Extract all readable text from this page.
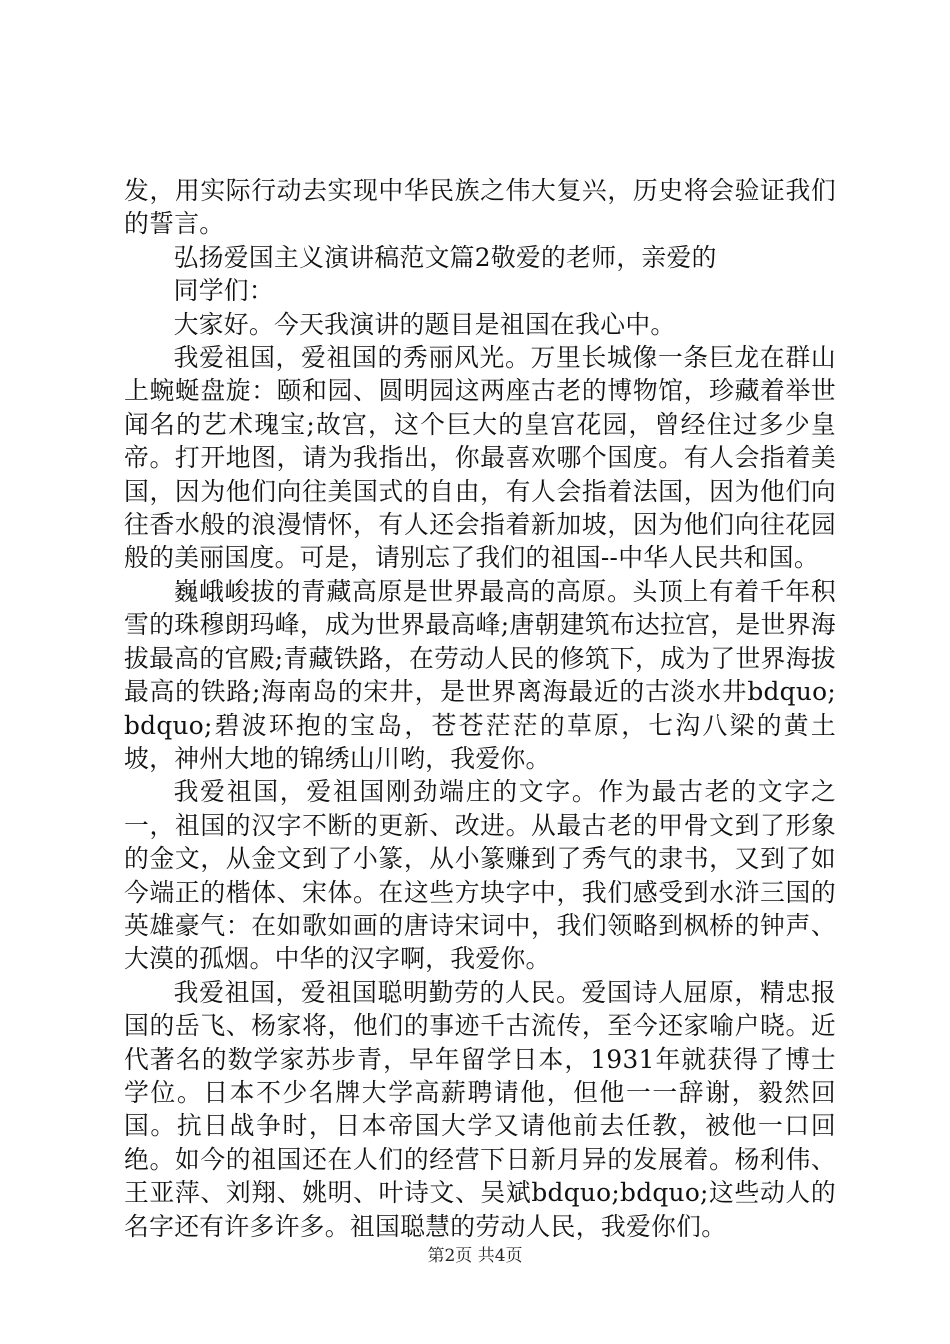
发，用实际行动去实现中华民族之伟大复兴，历史将会验证我们的誓言。

弘扬爱国主义演讲稿范文篇2敬爱的老师，亲爱的

同学们：

大家好。今天我演讲的题目是祖国在我心中。

我爱祖国，爱祖国的秀丽风光。万里长城像一条巨龙在群山上蜿蜒盘旋：颐和园、圆明园这两座古老的博物馆，珍藏着举世闻名的艺术瑰宝;故宫，这个巨大的皇宫花园，曾经住过多少皇帝。打开地图，请为我指出，你最喜欢哪个国度。有人会指着美国，因为他们向往美国式的自由，有人会指着法国，因为他们向往香水般的浪漫情怀，有人还会指着新加坡，因为他们向往花园般的美丽国度。可是，请别忘了我们的祖国--中华人民共和国。

巍峨峻拔的青藏高原是世界最高的高原。头顶上有着千年积雪的珠穆朗玛峰，成为世界最高峰;唐朝建筑布达拉宫，是世界海拔最高的官殿;青藏铁路，在劳动人民的修筑下，成为了世界海拔最高的铁路;海南岛的宋井，是世界离海最近的古淡水井bdquo;bdquo;碧波环抱的宝岛，苍苍茫茫的草原，七沟八梁的黄土坡，神州大地的锦绣山川哟，我爱你。

我爱祖国，爱祖国刚劲端庄的文字。作为最古老的文字之一，祖国的汉字不断的更新、改进。从最古老的甲骨文到了形象的金文，从金文到了小篆，从小篆赚到了秀气的隶书，又到了如今端正的楷体、宋体。在这些方块字中，我们感受到水浒三国的英雄豪气：在如歌如画的唐诗宋词中，我们领略到枫桥的钟声、大漠的孤烟。中华的汉字啊，我爱你。

我爱祖国，爱祖国聪明勤劳的人民。爱国诗人屈原，精忠报国的岳飞、杨家将，他们的事迹千古流传，至今还家喻户晓。近代著名的数学家苏步青，早年留学日本，1931年就获得了博士学位。日本不少名牌大学高薪聘请他，但他一一辞谢，毅然回国。抗日战争时，日本帝国大学又请他前去任教，被他一口回绝。如今的祖国还在人们的经营下日新月异的发展着。杨利伟、王亚萍、刘翔、姚明、叶诗文、吴斌bdquo;bdquo;这些动人的名字还有许多许多。祖国聪慧的劳动人民，我爱你们。

第2页 共4页
